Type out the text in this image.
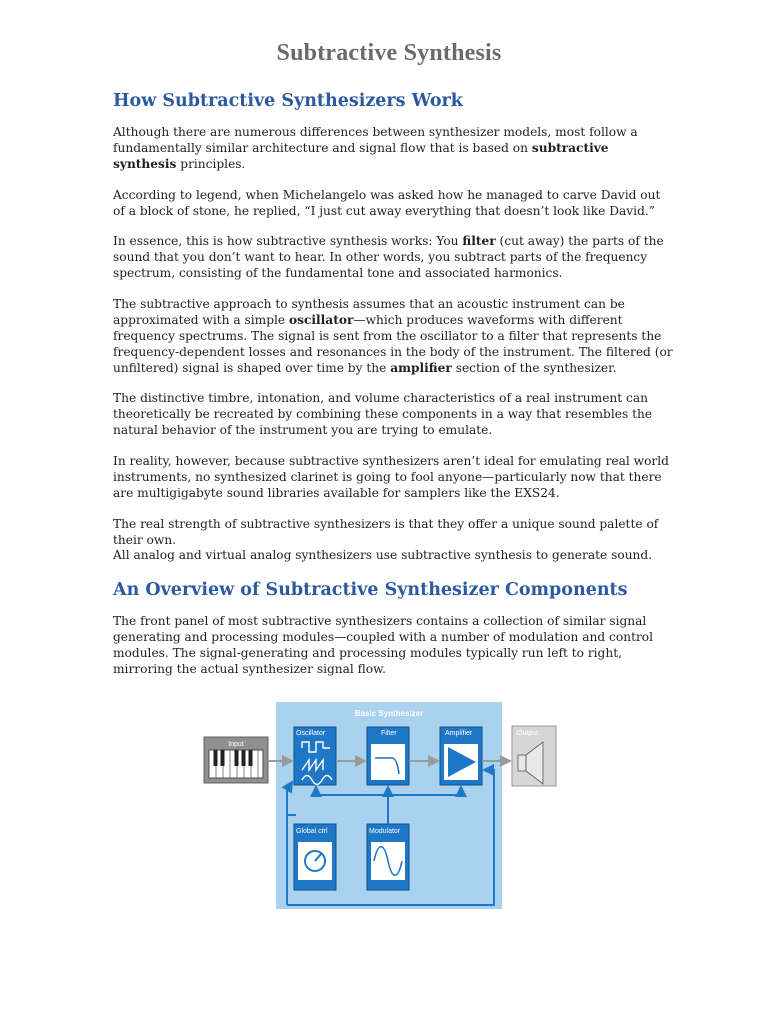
Subtractive Synthesis
How Subtractive Synthesizers Work

Although there are numerous differences between synthesizer models, most follow a fundamentally similar architecture and signal flow that is based on subtractive synthesis principles.

According to legend, when Michelangelo was asked how he managed to carve David out of a block of stone, he replied, “I just cut away everything that doesn’t look like David.”

In essence, this is how subtractive synthesis works: You filter (cut away) the parts of the sound that you don’t want to hear. In other words, you subtract parts of the frequency spectrum, consisting of the fundamental tone and associated harmonics.

The subtractive approach to synthesis assumes that an acoustic instrument can be approximated with a simple oscillator—which produces waveforms with different frequency spectrums. The signal is sent from the oscillator to a filter that represents the frequency-dependent losses and resonances in the body of the instrument. The filtered (or unfiltered) signal is shaped over time by the amplifier section of the synthesizer.

The distinctive timbre, intonation, and volume characteristics of a real instrument can theoretically be recreated by combining these components in a way that resembles the natural behavior of the instrument you are trying to emulate.

In reality, however, because subtractive synthesizers aren’t ideal for emulating real world instruments, no synthesized clarinet is going to fool anyone—particularly now that there are multigigabyte sound libraries available for samplers like the EXS24.

The real strength of subtractive synthesizers is that they offer a unique sound palette of their own.

All analog and virtual analog synthesizers use subtractive synthesis to generate sound.

An Overview of Subtractive Synthesizer Components

The front panel of most subtractive synthesizers contains a collection of similar signal generating and processing modules—coupled with a number of modulation and control modules. The signal-generating and processing modules typically run left to right, mirroring the actual synthesizer signal flow.

Basic Synthesizer
Input
Oscillator	Filter	Amplifier	Output
Global ctrl	Modulator
